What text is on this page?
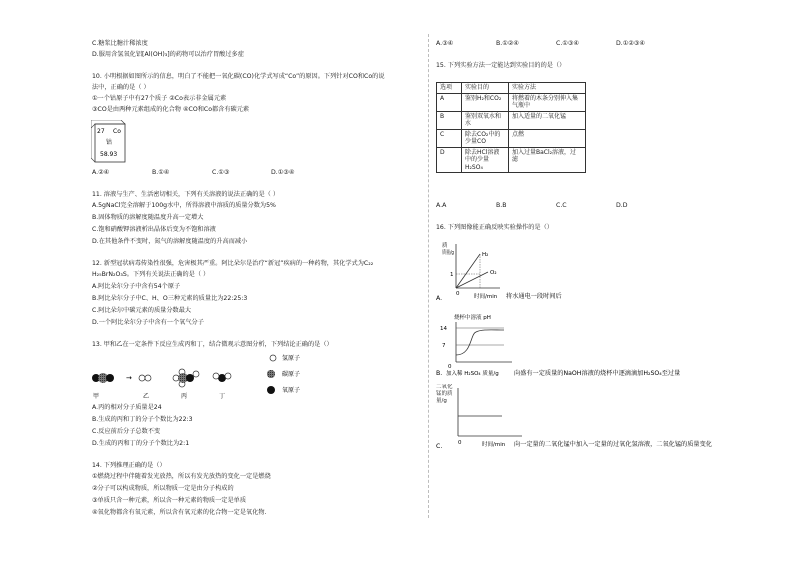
C.糖浆比糖汁稀浓度
D.服用含氢氧化铝[Al(OH)₃]的药物可以治疗胃酸过多症
10. 小明根据如图所示的信息，明白了不能把一氧化碳(CO)化学式写成“Co”的原因。下列针对CO和Co的说
法中，正确的是（ ）
①一个钴原子中有27个质子 ②Co表示非金属元素
③CO是由两种元素组成的化合物 ④CO和Co都含有碳元素
27 Co
钴
58.93
A.②④	B.①④	C.①③	D.①③④
11. 溶液与生产、生活密切相关，下列有关溶液的说法正确的是（ ）
A.5gNaCl完全溶解于100g水中，所得溶液中溶质的质量分数为5%
B.固体物质的溶解度随温度升高一定增大
C.饱和硝酸钾溶液析出晶体后变为不饱和溶液
D.在其他条件不变时，氮气的溶解度随温度的升高而减小
12. 新型冠状病毒传染性很强，危害极其严重。阿比朵尔是治疗“新冠”疾病的一种药物，其化学式为C₂₂
H₂₅BrN₂O₃S。下列有关说法正确的是（ ）
A.阿比朵尔分子中含有54个原子
B.阿比朵尔分子中C、H、O三种元素的质量比为22:25:3
C.阿比朵尔中碳元素的质量分数最大
D.一个阿比朵尔分子中含有一个氧气分子
13. 甲和乙在一定条件下反应生成丙和丁，结合微观示意图分析，下列结论正确的是（）
氢原子
碳原子
氧原子
→
甲	乙	丙	丁
A.丙的相对分子质量是24
B.生成的丙和丁的分子个数比为22:3
C.反应前后分子总数不变
D.生成的丙和丁的分子个数比为2:1
14. 下列推理正确的是（）
①燃烧过程中伴随着发光放热，所以有发光放热的变化一定是燃烧
②分子可以构成物质，所以物质一定是由分子构成的
③单质只含一种元素，所以含一种元素的物质一定是单质
④氧化物都含有氧元素，所以含有氧元素的化合物一定是氧化物.
A.③④	B.①②④	C.①③④	D.①②③④
15. 下列实验方法一定能达到实验目的的是（）
选项	实验目的	实验方法
A	鉴别H₂和CO₂	将燃着的木条分别伸入集气瓶中
B	鉴别双氧水和水	加入适量的二氧化锰
C	除去CO₂中的少量CO	点燃
D	除去HCl溶液中的少量H₂SO₄	加入过量BaCl₂溶液，过滤
A.A	B.B	C.C	D.D
16. 下列图像能正确反映实验操作的是（）
质
质量/g	H₂
O₂
1
0	时间/min
A.	将水通电一段时间后
烧杯中溶液 pH
14
7
0
B. 加入稀 H₂SO₄ 质量/g 向盛有一定质量的NaOH溶液的烧杯中逐滴滴加H₂SO₄至过量
二氧化锰的质量/g
0
C.	时间/min 向一定量的二氧化锰中加入一定量的过氧化氢溶液，二氧化锰的质量变化
